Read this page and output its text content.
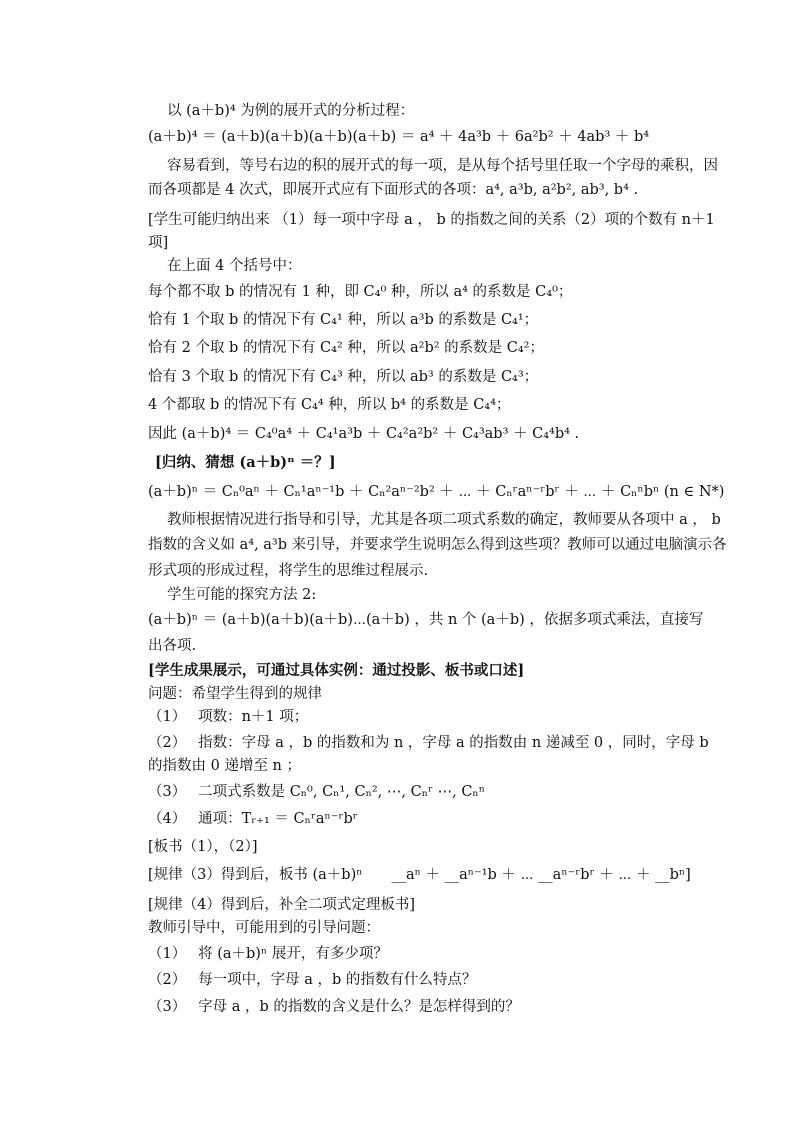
以 (a＋b)⁴ 为例的展开式的分析过程：
(a＋b)⁴ ＝ (a＋b)(a＋b)(a＋b)(a＋b) ＝ a⁴ ＋ 4a³b ＋ 6a²b² ＋ 4ab³ ＋ b⁴
容易看到，等号右边的积的展开式的每一项，是从每个括号里任取一个字母的乘积，因
而各项都是 4 次式，即展开式应有下面形式的各项：a⁴, a³b, a²b², ab³, b⁴ .
[学生可能归纳出来 （1）每一项中字母 a ， b 的指数之间的关系（2）项的个数有 n＋1
项]
在上面 4 个括号中：
每个都不取 b 的情况有 1 种，即 C₄⁰ 种，所以 a⁴ 的系数是 C₄⁰；
恰有 1 个取 b 的情况下有 C₄¹ 种，所以 a³b 的系数是 C₄¹；
恰有 2 个取 b 的情况下有 C₄² 种，所以 a²b² 的系数是 C₄²；
恰有 3 个取 b 的情况下有 C₄³ 种，所以 ab³ 的系数是 C₄³；
4 个都取 b 的情况下有 C₄⁴ 种，所以 b⁴ 的系数是 C₄⁴；
因此 (a＋b)⁴ ＝ C₄⁰a⁴ ＋ C₄¹a³b ＋ C₄²a²b² ＋ C₄³ab³ ＋ C₄⁴b⁴ .
[归纳、猜想 (a＋b)ⁿ ＝？]
(a＋b)ⁿ ＝ Cₙ⁰aⁿ ＋ Cₙ¹aⁿ⁻¹b ＋ Cₙ²aⁿ⁻²b² ＋ ⋯ ＋ Cₙʳaⁿ⁻ʳbʳ ＋ ⋯ ＋ Cₙⁿbⁿ (n ∈ N*)
教师根据情况进行指导和引导，尤其是各项二项式系数的确定，教师要从各项中 a ， b
指数的含义如 a⁴, a³b 来引导，并要求学生说明怎么得到这些项？教师可以通过电脑演示各
形式项的形成过程，将学生的思维过程展示.
学生可能的探究方法 2:
(a＋b)ⁿ ＝ (a＋b)(a＋b)(a＋b)⋯(a＋b) ，共 n 个 (a＋b) ，依据多项式乘法，直接写
出各项.
[学生成果展示，可通过具体实例：通过投影、板书或口述]
问题：希望学生得到的规律
（1）　 项数：n＋1 项；
（2）　 指数：字母 a ，b 的指数和为 n ，字母 a 的指数由 n 递减至 0 ，同时，字母 b
的指数由 0 递增至 n ；
（3）　 二项式系数是 Cₙ⁰, Cₙ¹, Cₙ², ⋯, Cₙʳ ⋯, Cₙⁿ
（4）　 通项：Tᵣ₊₁ ＝ Cₙʳaⁿ⁻ʳbʳ
[板书（1），（2）]
[规律（3）得到后，板书 (a＋b)ⁿ　　__aⁿ ＋ __aⁿ⁻¹b ＋ ⋯ __aⁿ⁻ʳbʳ ＋ ⋯ ＋ __bⁿ]
[规律（4）得到后，补全二项式定理板书]
教师引导中，可能用到的引导问题：
（1）　 将 (a＋b)ⁿ 展开，有多少项？
（2）　 每一项中，字母 a ，b 的指数有什么特点？
（3）　 字母 a ，b 的指数的含义是什么？是怎样得到的？
